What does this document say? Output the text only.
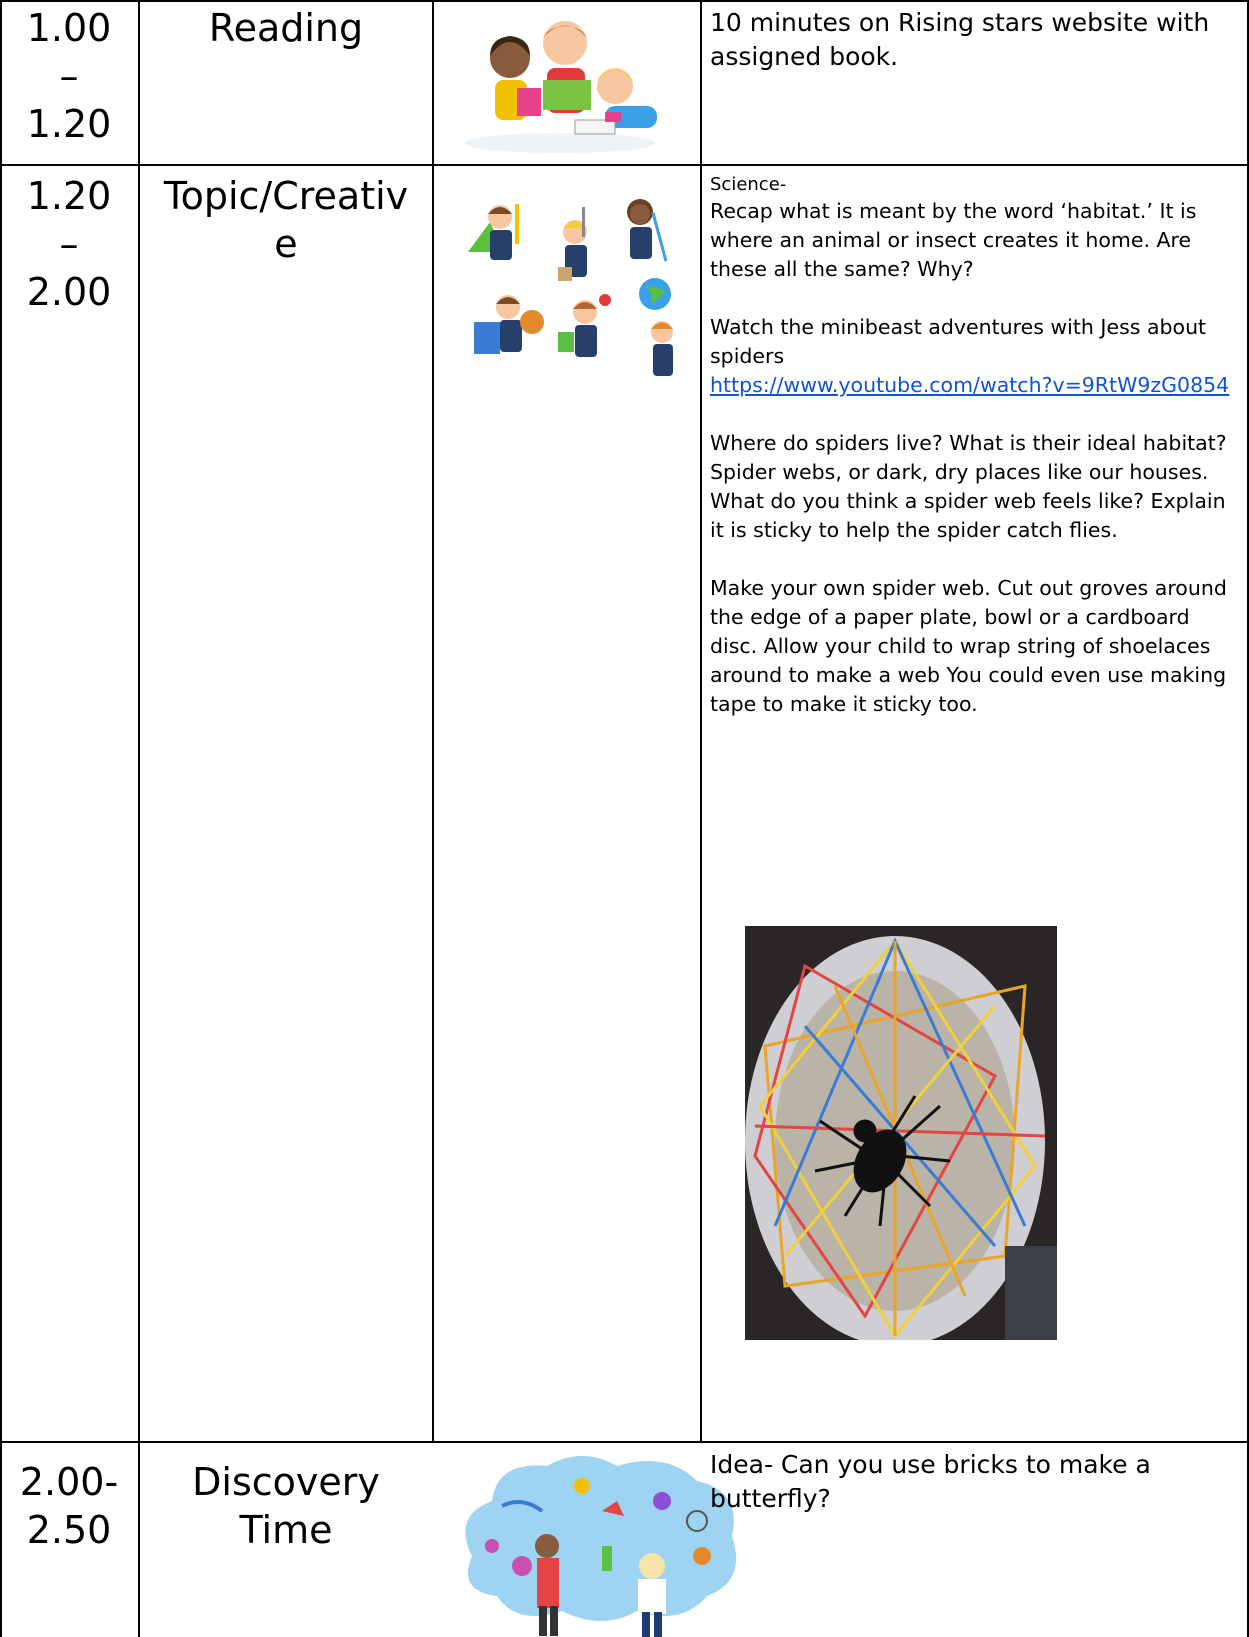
1.00
–
1.20
Reading	10 minutes on Rising stars website with assigned book.

1.20
–
2.00
Topic/Creativ
e

Science-

Recap what is meant by the word ‘habitat.’ It is where an animal or insect creates it home. Are these all the same? Why?

Watch the minibeast adventures with Jess about spiders

https://www.youtube.com/watch?v=9RtW9zG0854

Where do spiders live? What is their ideal habitat? Spider webs, or dark, dry places like our houses.

What do you think a spider web feels like? Explain it is sticky to help the spider catch flies.

Make your own spider web. Cut out groves around the edge of a paper plate, bowl or a cardboard disc. Allow your child to wrap string of shoelaces around to make a web You could even use making tape to make it sticky too.

2.00-
2.50
Discovery
Time

Idea- Can you use bricks to make a butterfly?
